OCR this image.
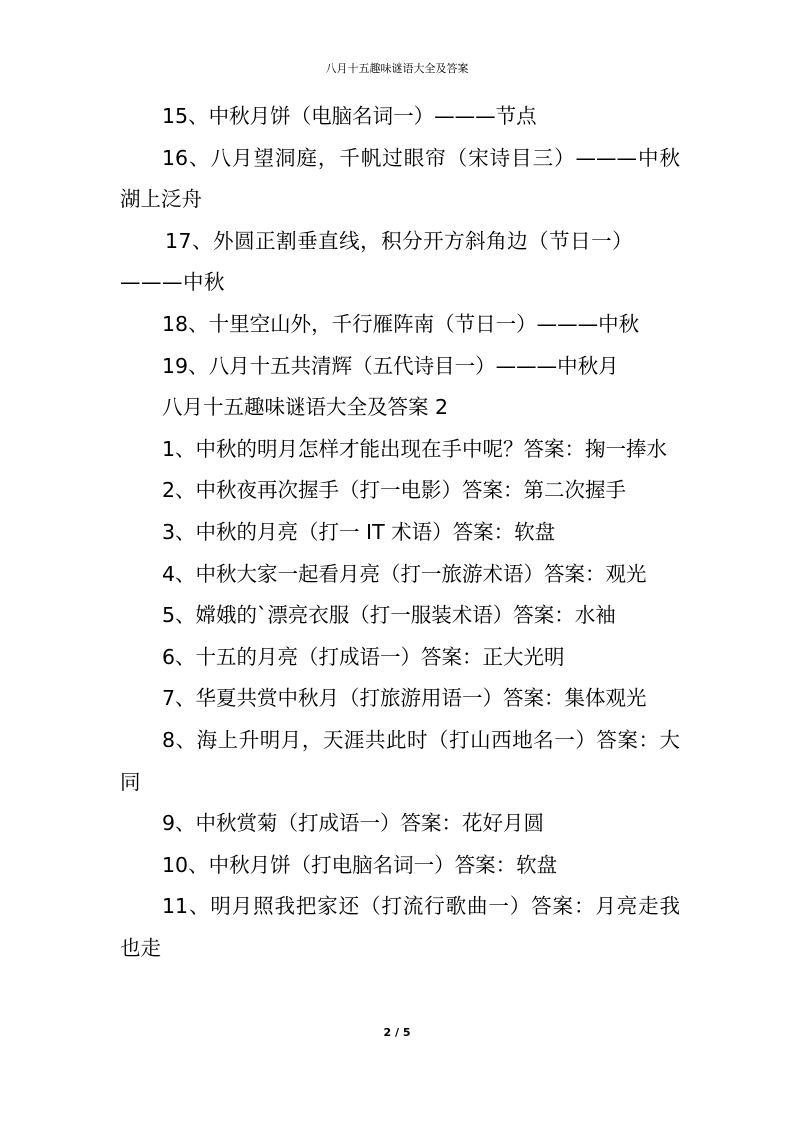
八月十五趣味谜语大全及答案

15、中秋月饼（电脑名词一）———节点

16、八月望洞庭，千帆过眼帘（宋诗目三）———中秋湖上泛舟

17、外圆正割垂直线，积分开方斜角边（节日一）———中秋

18、十里空山外，千行雁阵南（节日一）———中秋

19、八月十五共清辉（五代诗目一）———中秋月

八月十五趣味谜语大全及答案 2

1、中秋的明月怎样才能出现在手中呢？答案：掬一捧水

2、中秋夜再次握手（打一电影）答案：第二次握手

3、中秋的月亮（打一 IT 术语）答案：软盘

4、中秋大家一起看月亮（打一旅游术语）答案：观光

5、嫦娥的`漂亮衣服（打一服装术语）答案：水袖

6、十五的月亮（打成语一）答案：正大光明

7、华夏共赏中秋月（打旅游用语一）答案：集体观光

8、海上升明月，天涯共此时（打山西地名一）答案：大同

9、中秋赏菊（打成语一）答案：花好月圆

10、中秋月饼（打电脑名词一）答案：软盘

11、明月照我把家还（打流行歌曲一）答案：月亮走我也走

2 / 5
